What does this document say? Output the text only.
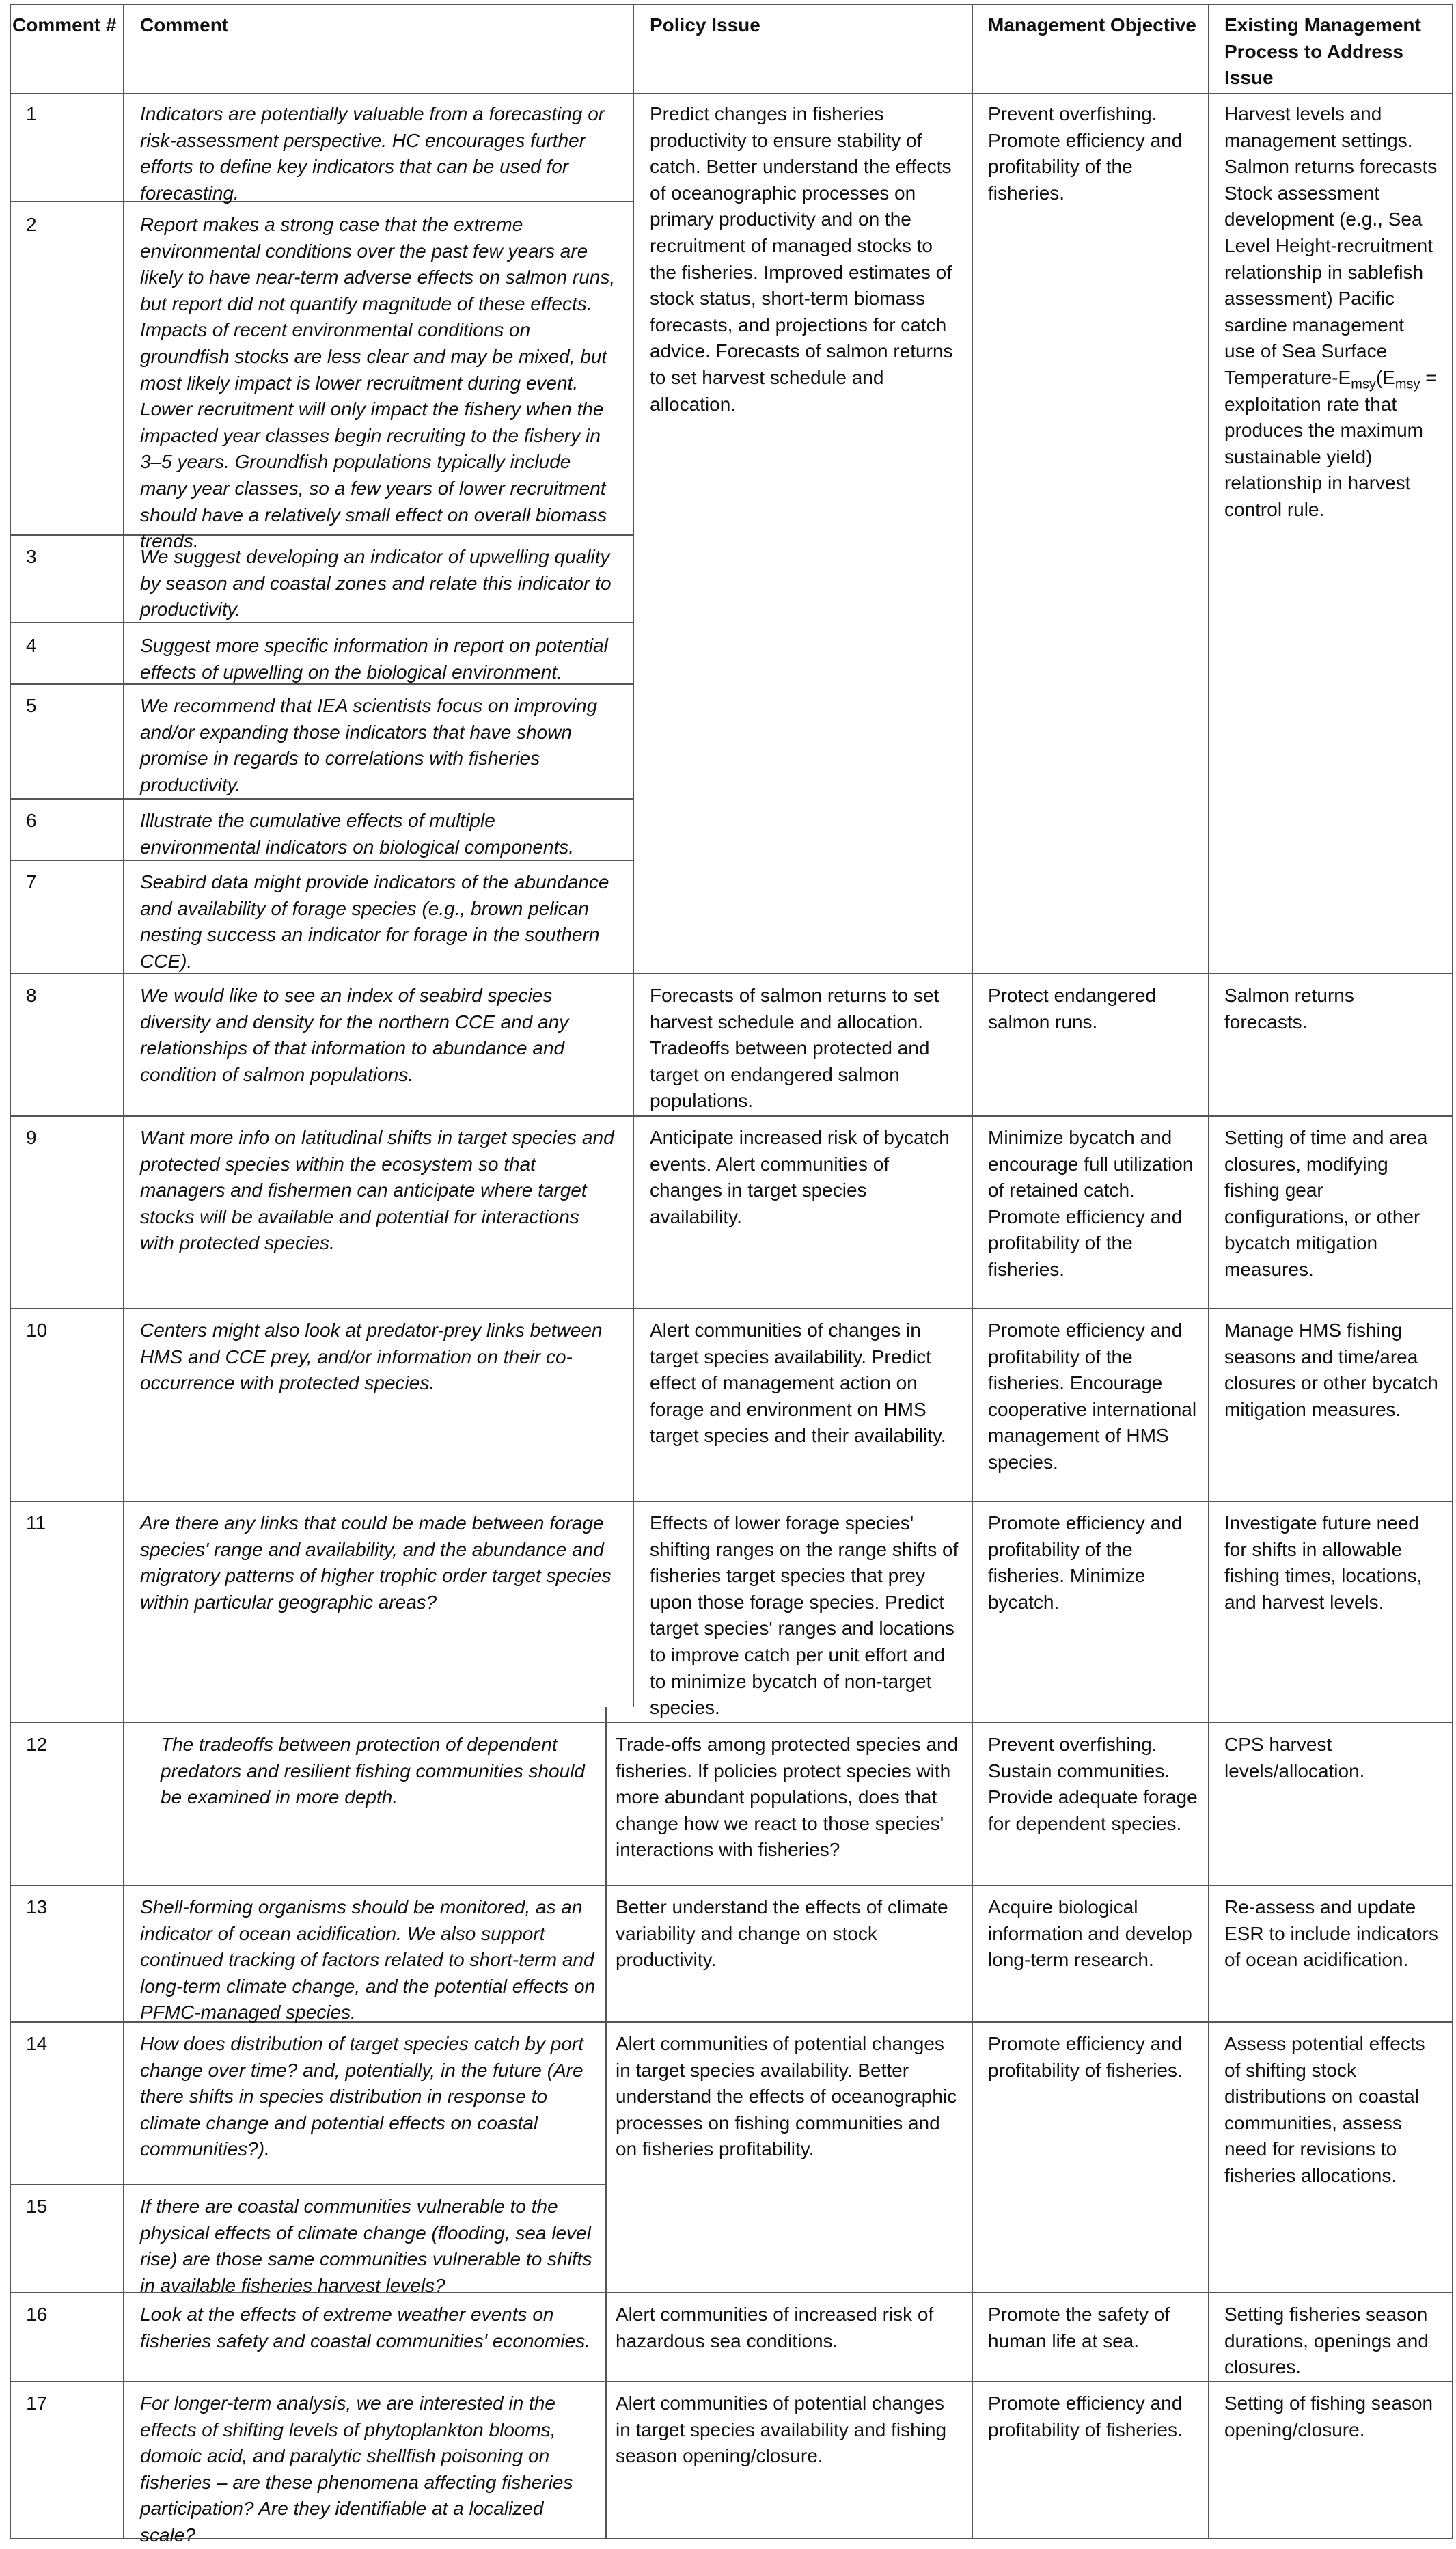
Comment # Comment	Policy Issue	Management Objective Existing Management Process to Address Issue
1
2
3
4
5
6
7
8
9
10
11
12
13
14
15
16
17
Indicators are potentially valuable from a forecasting or risk-assessment perspective. HC encourages further efforts to define key indicators that can be used for forecasting.
Report makes a strong case that the extreme environmental conditions over the past few years are likely to have near-term adverse effects on salmon runs, but report did not quantify magnitude of these effects. Impacts of recent environmental conditions on groundfish stocks are less clear and may be mixed, but most likely impact is lower recruitment during event. Lower recruitment will only impact the fishery when the impacted year classes begin recruiting to the fishery in 3–5 years. Groundfish populations typically include many year classes, so a few years of lower recruitment should have a relatively small effect on overall biomass trends.
We suggest developing an indicator of upwelling quality by season and coastal zones and relate this indicator to productivity.
Suggest more specific information in report on potential effects of upwelling on the biological environment.
We recommend that IEA scientists focus on improving and/or expanding those indicators that have shown promise in regards to correlations with fisheries productivity.
Illustrate the cumulative effects of multiple environmental indicators on biological components.
Seabird data might provide indicators of the abundance and availability of forage species (e.g., brown pelican nesting success an indicator for forage in the southern CCE).
We would like to see an index of seabird species diversity and density for the northern CCE and any relationships of that information to abundance and condition of salmon populations.
Want more info on latitudinal shifts in target species and protected species within the ecosystem so that managers and fishermen can anticipate where target stocks will be available and potential for interactions with protected species.
Centers might also look at predator-prey links between HMS and CCE prey, and/or information on their co-occurrence with protected species.
Are there any links that could be made between forage species' range and availability, and the abundance and migratory patterns of higher trophic order target species within particular geographic areas?
The tradeoffs between protection of dependent predators and resilient fishing communities should be examined in more depth.
Shell-forming organisms should be monitored, as an indicator of ocean acidification. We also support continued tracking of factors related to short-term and long-term climate change, and the potential effects on PFMC-managed species.
How does distribution of target species catch by port change over time? and, potentially, in the future (Are there shifts in species distribution in response to climate change and potential effects on coastal communities?).
If there are coastal communities vulnerable to the physical effects of climate change (flooding, sea level rise) are those same communities vulnerable to shifts in available fisheries harvest levels?
Look at the effects of extreme weather events on fisheries safety and coastal communities' economies.
For longer-term analysis, we are interested in the effects of shifting levels of phytoplankton blooms, domoic acid, and paralytic shellfish poisoning on fisheries – are these phenomena affecting fisheries participation? Are they identifiable at a localized scale?
Predict changes in fisheries productivity to ensure stability of catch. Better understand the effects of oceanographic processes on primary productivity and on the recruitment of managed stocks to the fisheries. Improved estimates of stock status, short-term biomass forecasts, and projections for catch advice. Forecasts of salmon returns to set harvest schedule and allocation.
Prevent overfishing. Promote efficiency and profitability of the fisheries.
Harvest levels and management settings. Salmon returns forecasts Stock assessment development (e.g., Sea Level Height-recruitment relationship in sablefish assessment) Pacific sardine management use of Sea Surface Temperature-$E_{msy}(E_{msy}$ = exploitation rate that produces the maximum sustainable yield) relationship in harvest control rule.
Forecasts of salmon returns to set harvest schedule and allocation. Tradeoffs between protected and target on endangered salmon populations.
Protect endangered salmon runs.
Salmon returns forecasts.
Anticipate increased risk of bycatch events. Alert communities of changes in target species availability.
Minimize bycatch and encourage full utilization of retained catch. Promote efficiency and profitability of the fisheries.
Setting of time and area closures, modifying fishing gear configurations, or other bycatch mitigation measures.
Alert communities of changes in target species availability. Predict effect of management action on forage and environment on HMS target species and their availability.
Promote efficiency and profitability of the fisheries. Encourage cooperative international management of HMS species.
Manage HMS fishing seasons and time/area closures or other bycatch mitigation measures.
Effects of lower forage species' shifting ranges on the range shifts of fisheries target species that prey upon those forage species. Predict target species' ranges and locations to improve catch per unit effort and to minimize bycatch of non-target species.
Promote efficiency and profitability of the fisheries. Minimize bycatch.
Investigate future need for shifts in allowable fishing times, locations, and harvest levels.
Trade-offs among protected species and fisheries. If policies protect species with more abundant populations, does that change how we react to those species' interactions with fisheries?
Prevent overfishing. Sustain communities. Provide adequate forage for dependent species.
CPS harvest levels/allocation.
Better understand the effects of climate variability and change on stock productivity.
Acquire biological information and develop long-term research.
Re-assess and update ESR to include indicators of ocean acidification.
Alert communities of potential changes in target species availability. Better understand the effects of oceanographic processes on fishing communities and on fisheries profitability.
Promote efficiency and profitability of fisheries.
Assess potential effects of shifting stock distributions on coastal communities, assess need for revisions to fisheries allocations.
Alert communities of increased risk of hazardous sea conditions.
Promote the safety of human life at sea.
Setting fisheries season durations, openings and closures.
Alert communities of potential changes in target species availability and fishing season opening/closure.
Promote efficiency and profitability of fisheries.
Setting of fishing season opening/closure.
